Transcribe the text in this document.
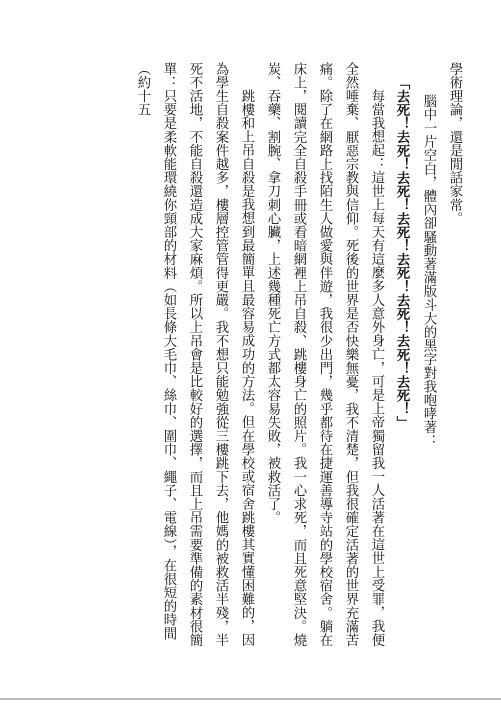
學術理論，還是閒話家常。

腦中一片空白，體內卻騷動著滿版斗大的黑字對我咆哮著：

「去死！去死！去死！去死！去死！去死！去死！去死！」

每當我想起：這世上每天有這麼多人意外身亡，可是上帝獨留我一人活著在這世上受罪，我便全然唾棄、厭惡宗教與信仰。死後的世界是否快樂無憂，我不清楚，但我很確定活著的世界充滿苦痛。除了在網路上找陌生人做愛與伴遊，我很少出門，幾乎都待在捷運善導寺站的學校宿舍。躺在床上，閱讀完全自殺手冊或看暗網裡上吊自殺、跳樓身亡的照片。我一心求死，而且死意堅決。燒炭、吞藥、割腕、拿刀刺心臟，上述幾種死亡方式都太容易失敗，被救活了。

跳樓和上吊自殺是我想到最簡單且最容易成功的方法。但在學校或宿舍跳樓其實懂困難的，因為學生自殺案件越多，樓層控管管得更嚴。我不想只能勉強從三樓跳下去，他媽的被救活半殘，半死不活地，不能自殺還造成大家麻煩。所以上吊會是比較好的選擇，而且上吊需要準備的素材很簡單：只要是柔軟能環繞你頸部的材料（如長條大毛巾、絲巾、圍巾、繩子、電線），在很短的時間（約十五
